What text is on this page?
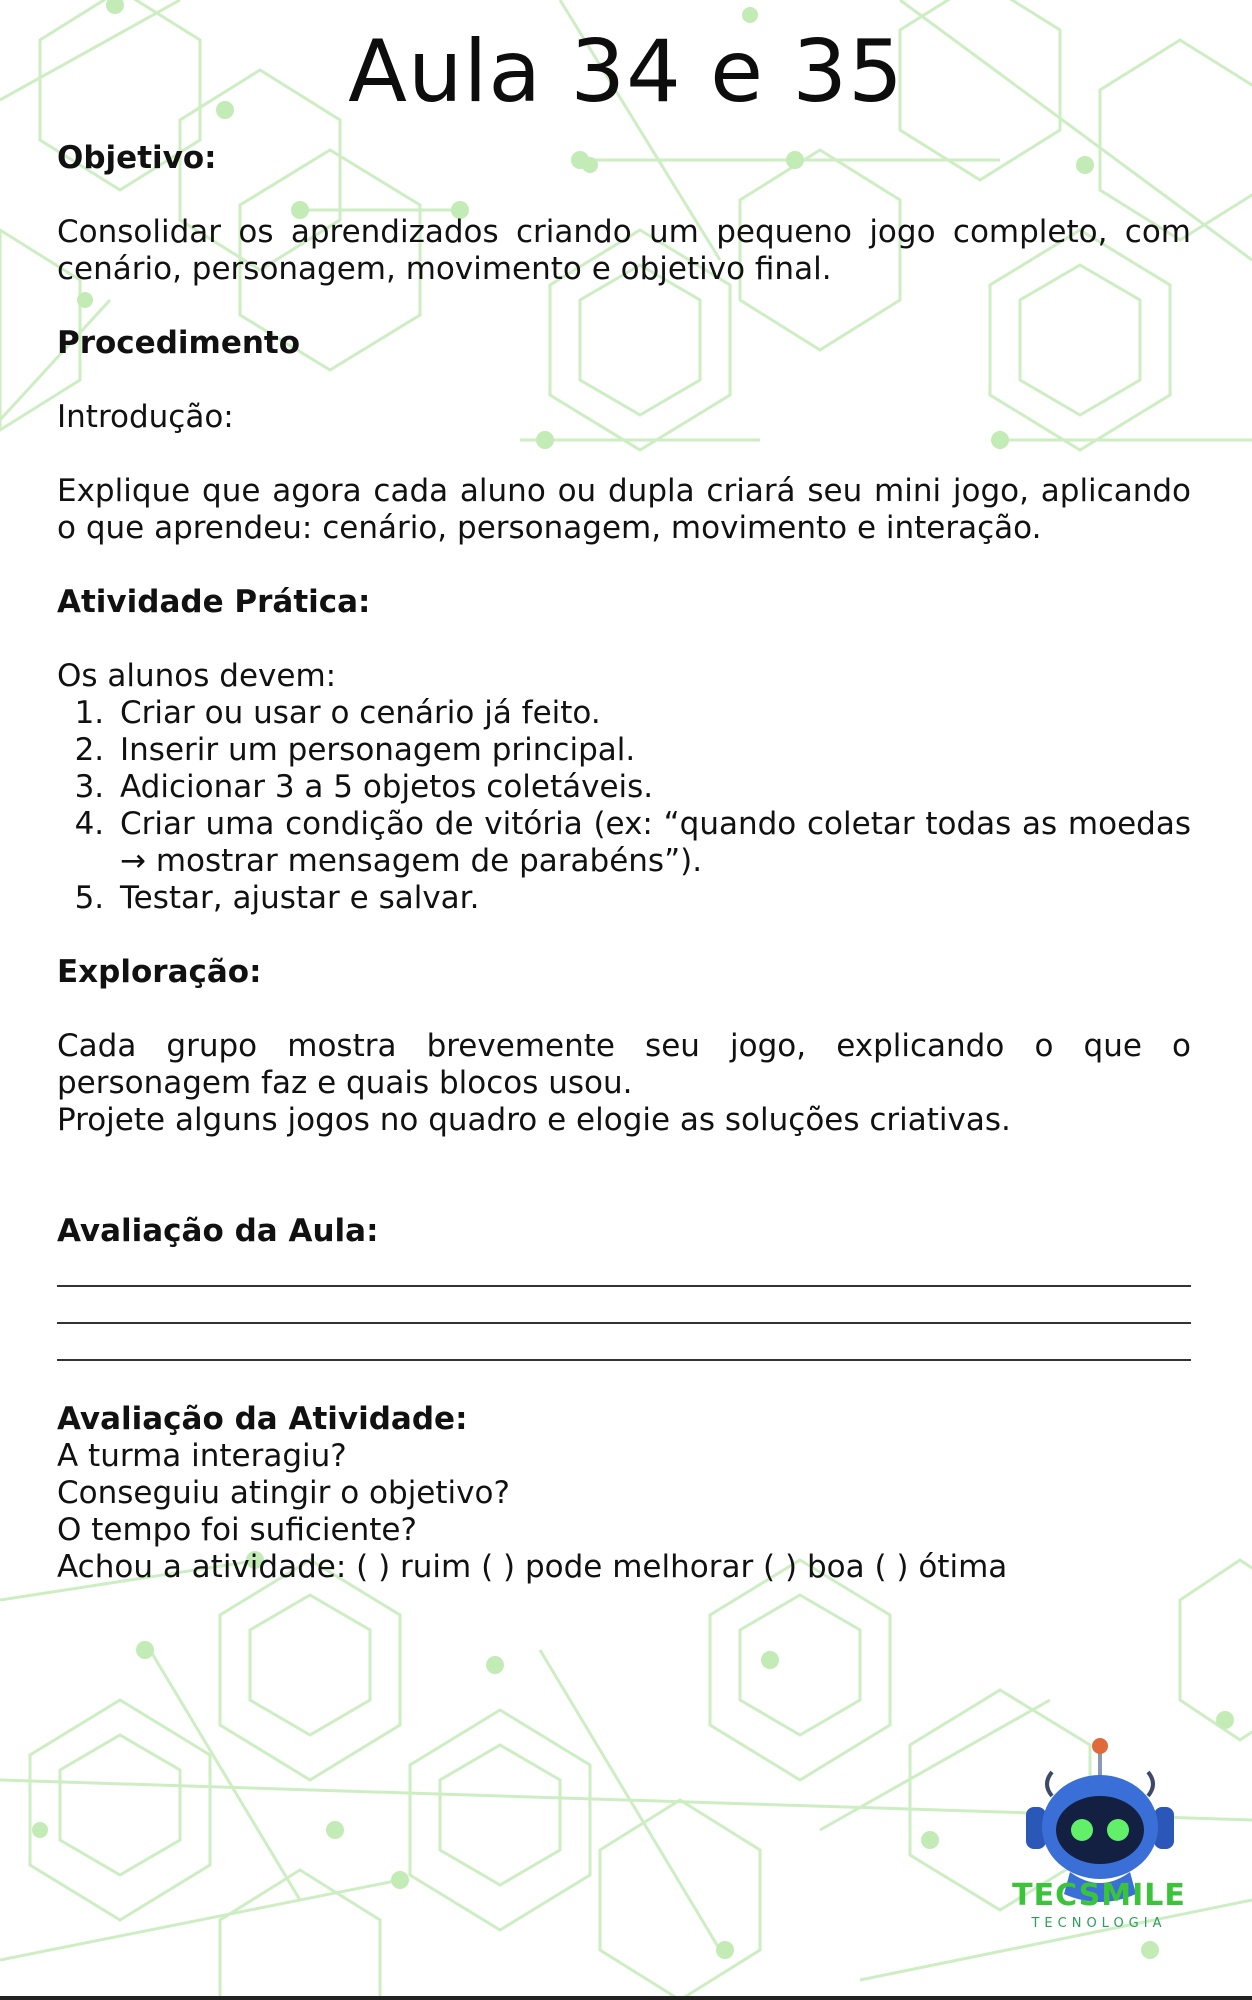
Aula 34 e 35

Objetivo:

Consolidar os aprendizados criando um pequeno jogo completo, com cenário, personagem, movimento e objetivo final.

Procedimento

Introdução:

Explique que agora cada aluno ou dupla criará seu mini jogo, aplicando o que aprendeu: cenário, personagem, movimento e interação.

Atividade Prática:

Os alunos devem:

1. Criar ou usar o cenário já feito.
2. Inserir um personagem principal.
3. Adicionar 3 a 5 objetos coletáveis.
4. Criar uma condição de vitória (ex: “quando coletar todas as moedas → mostrar mensagem de parabéns”).
5. Testar, ajustar e salvar.

Exploração:

Cada grupo mostra brevemente seu jogo, explicando o que o personagem faz e quais blocos usou.

Projete alguns jogos no quadro e elogie as soluções criativas.

Avaliação da Aula:

Avaliação da Atividade:

A turma interagiu?

Conseguiu atingir o objetivo?

O tempo foi suficiente?

Achou a atividade: ( ) ruim ( ) pode melhorar ( ) boa ( ) ótima

TECSMILE
TECNOLOGIA
